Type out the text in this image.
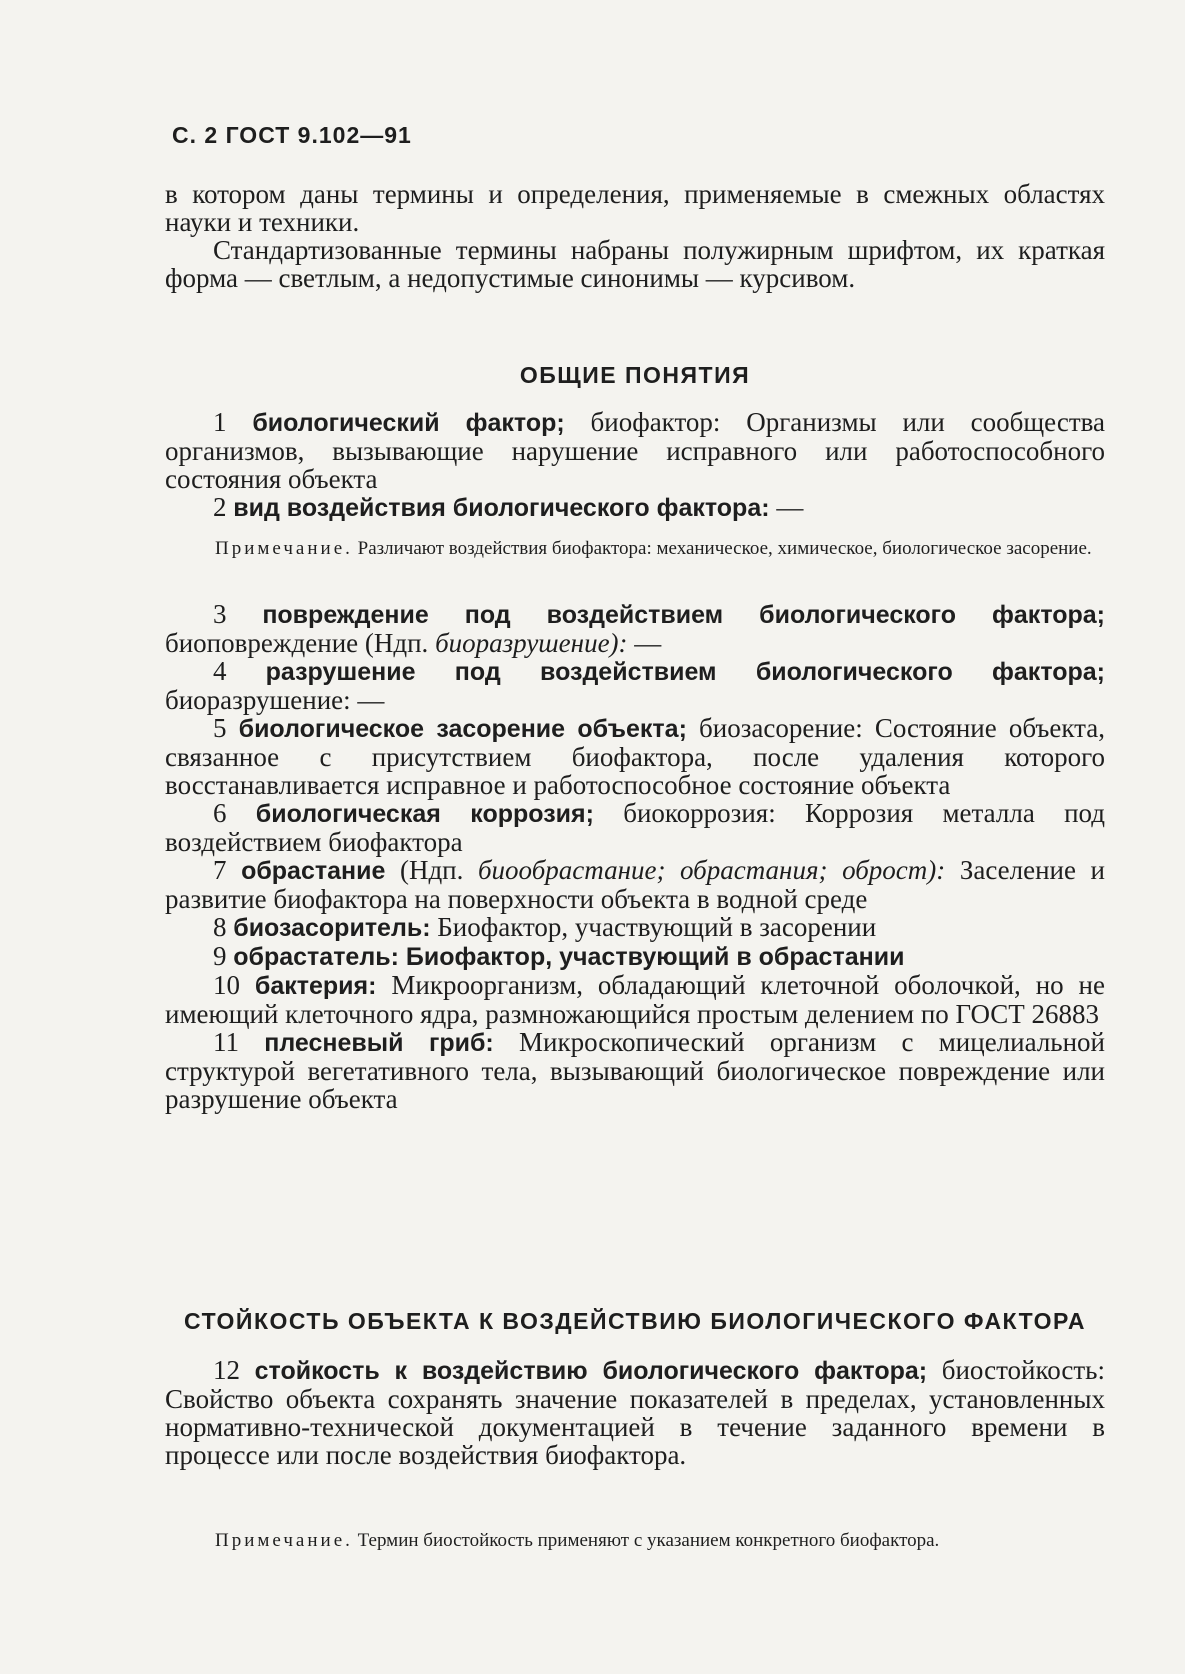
С. 2 ГОСТ 9.102—91

в котором даны термины и определения, применяемые в смежных областях науки и техники.

Стандартизованные термины набраны полужирным шрифтом, их краткая форма — светлым, а недопустимые синонимы — курсивом.

ОБЩИЕ ПОНЯТИЯ

1 биологический фактор; биофактор: Организмы или сообщества организмов, вызывающие нарушение исправного или работоспособного состояния объекта

2 вид воздействия биологического фактора: —

Примечание. Различают воздействия биофактора: механическое, химическое, биологическое засорение.

3 повреждение под воздействием биологического фактора; биоповреждение (Ндп. биоразрушение): —

4 разрушение под воздействием биологического фактора; биоразрушение: —

5 биологическое засорение объекта; биозасорение: Состояние объекта, связанное с присутствием биофактора, после удаления которого восстанавливается исправное и работоспособное состояние объекта

6 биологическая коррозия; биокоррозия: Коррозия металла под воздействием биофактора

7 обрастание (Ндп. биообрастание; обрастания; оброст): Заселение и развитие биофактора на поверхности объекта в водной среде

8 биозасоритель: Биофактор, участвующий в засорении

9 обрастатель: Биофактор, участвующий в обрастании

10 бактерия: Микроорганизм, обладающий клеточной оболочкой, но не имеющий клеточного ядра, размножающийся простым делением по ГОСТ 26883

11 плесневый гриб: Микроскопический организм с мицелиальной структурой вегетативного тела, вызывающий биологическое повреждение или разрушение объекта

СТОЙКОСТЬ ОБЪЕКТА К ВОЗДЕЙСТВИЮ БИОЛОГИЧЕСКОГО ФАКТОРА

12 стойкость к воздействию биологического фактора; биостойкость: Свойство объекта сохранять значение показателей в пределах, установленных нормативно-технической документацией в течение заданного времени в процессе или после воздействия биофактора.

Примечание. Термин биостойкость применяют с указанием конкретного биофактора.
